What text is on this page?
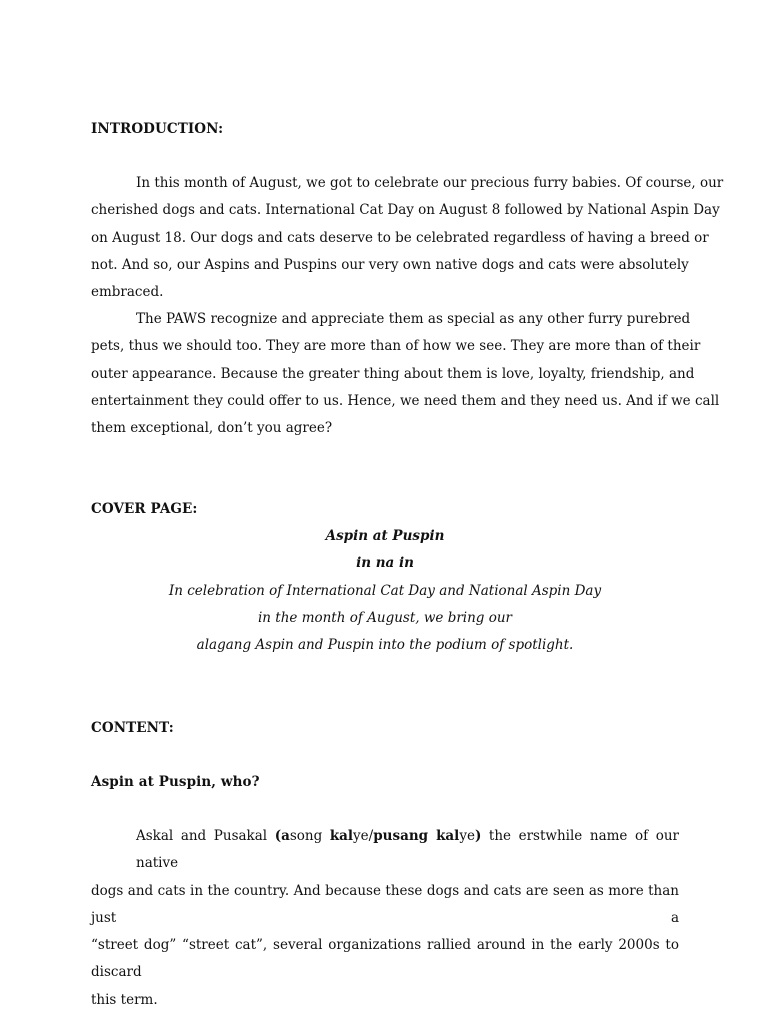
INTRODUCTION:
In this month of August, we got to celebrate our precious furry babies. Of course, our
cherished dogs and cats. International Cat Day on August 8 followed by National Aspin Day
on August 18. Our dogs and cats deserve to be celebrated regardless of having a breed or
not. And so, our Aspins and Puspins our very own native dogs and cats were absolutely
embraced.
The PAWS recognize and appreciate them as special as any other furry purebred
pets, thus we should too. They are more than of how we see. They are more than of their
outer appearance. Because the greater thing about them is love, loyalty, friendship, and
entertainment they could offer to us. Hence, we need them and they need us. And if we call
them exceptional, don’t you agree?
COVER PAGE:
Aspin at Puspin
in na in
In celebration of International Cat Day and National Aspin Day
in the month of August, we bring our
alagang Aspin and Puspin into the podium of spotlight.
CONTENT:
Aspin at Puspin, who?
Askal and Pusakal (asong kalye/pusang kalye) the erstwhile name of our native
dogs and cats in the country. And because these dogs and cats are seen as more than just a
“street dog” “street cat”, several organizations rallied around in the early 2000s to discard
this term.
